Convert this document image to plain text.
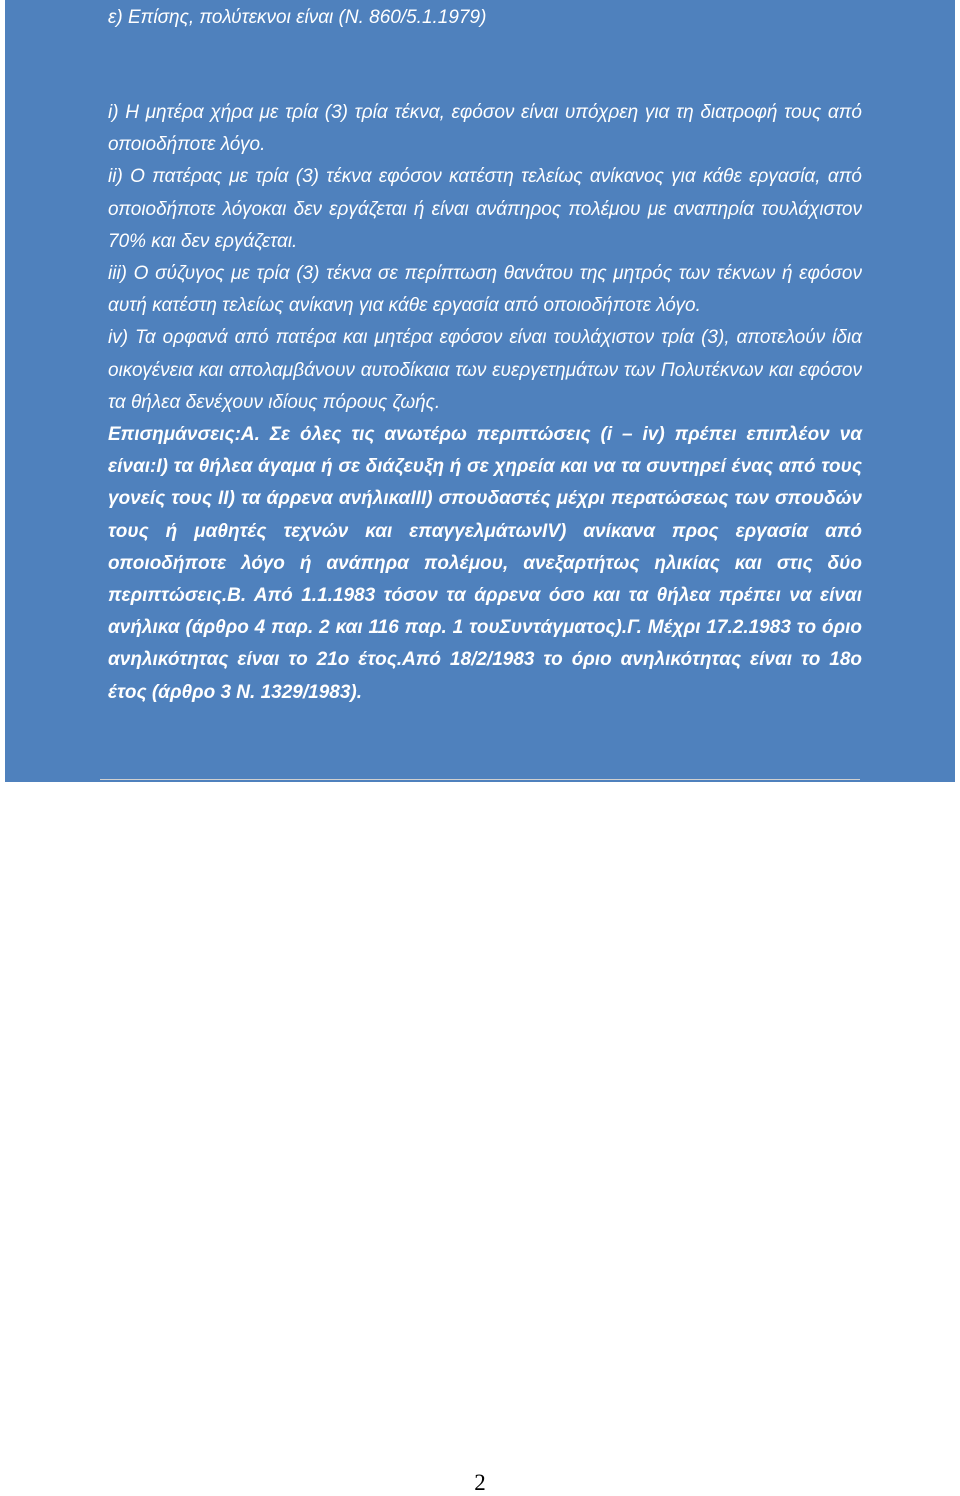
ε) Επίσης, πολύτεκνοι είναι (Ν. 860/5.1.1979)

i) Η μητέρα χήρα με τρία (3) τρία τέκνα, εφόσον είναι υπόχρεη για τη διατροφή τους από οποιοδήποτε λόγο.

ii) Ο πατέρας με τρία (3) τέκνα εφόσον κατέστη τελείως ανίκανος για κάθε εργασία, από οποιοδήποτε λόγοκαι δεν εργάζεται ή είναι ανάπηρος πολέμου με αναπηρία τουλάχιστον 70% και δεν εργάζεται.

iii) Ο σύζυγος με τρία (3) τέκνα σε περίπτωση θανάτου της μητρός των τέκνων ή εφόσον αυτή κατέστη τελείως ανίκανη για κάθε εργασία από οποιοδήποτε λόγο.

iv) Τα ορφανά από πατέρα και μητέρα εφόσον είναι τουλάχιστον τρία (3), αποτελούν ίδια οικογένεια και απολαμβάνουν αυτοδίκαια των ευεργετημάτων των Πολυτέκνων και εφόσον τα θήλεα δενέχουν ιδίους πόρους ζωής.

Επισημάνσεις:Α. Σε όλες τις ανωτέρω περιπτώσεις (i – iv) πρέπει επιπλέον να είναι:I) τα θήλεα άγαμα ή σε διάζευξη ή σε χηρεία και να τα συντηρεί ένας από τους γονείς τους II) τα άρρενα ανήλικαIII) σπουδαστές μέχρι περατώσεως των σπουδών τους ή μαθητές τεχνών και επαγγελμάτωνIV) ανίκανα προς εργασία από οποιοδήποτε λόγο ή ανάπηρα πολέμου, ανεξαρτήτως ηλικίας και στις δύο περιπτώσεις.Β. Από 1.1.1983 τόσον τα άρρενα όσο και τα θήλεα πρέπει να είναι ανήλικα (άρθρο 4 παρ. 2 και 116 παρ. 1 τουΣυντάγματος).Γ. Μέχρι 17.2.1983 το όριο ανηλικότητας είναι το 21ο έτος.Από 18/2/1983 το όριο ανηλικότητας είναι το 18ο έτος (άρθρο 3 Ν. 1329/1983).

2
